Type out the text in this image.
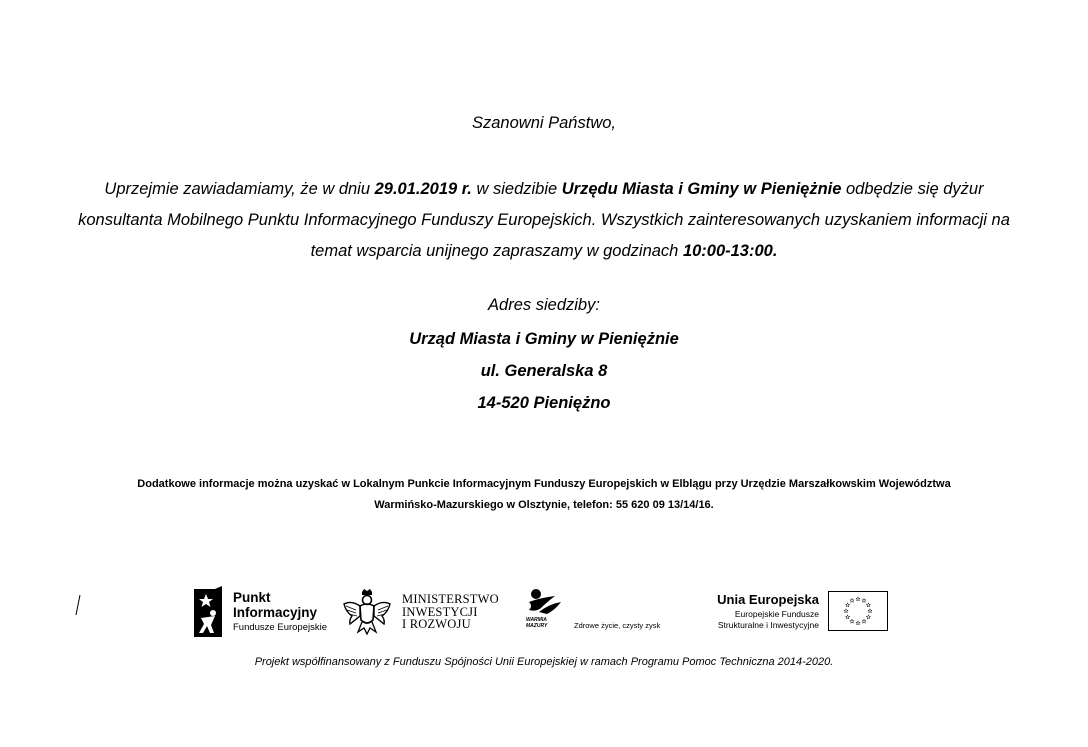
Szanowni Państwo,
Uprzejmie zawiadamiamy, że w dniu 29.01.2019 r. w siedzibie Urzędu Miasta i Gminy w Pieniężnie odbędzie się dyżur konsultanta Mobilnego Punktu Informacyjnego Funduszy Europejskich. Wszystkich zainteresowanych uzyskaniem informacji na temat wsparcia unijnego zapraszamy w godzinach 10:00-13:00.
Adres siedziby:
Urząd Miasta i Gminy w Pieniężnie
ul. Generalska 8
14-520 Pieniężno
Dodatkowe informacje można uzyskać w Lokalnym Punkcie Informacyjnym Funduszy Europejskich w Elblągu przy Urzędzie Marszałkowskim Województwa
Warmińsko-Mazurskiego w Olsztynie, telefon: 55 620 09 13/14/16.
Punkt
Informacyjny
Fundusze Europejskie
MINISTERSTWO
INWESTYCJI
I ROZWOJU	WARMIA
MAZURY	Zdrowe życie, czysty zysk
Unia Europejska
Europejskie Fundusze
Strukturalne i Inwestycyjne
Projekt współfinansowany z Funduszu Spójności Unii Europejskiej w ramach Programu Pomoc Techniczna 2014-2020.
